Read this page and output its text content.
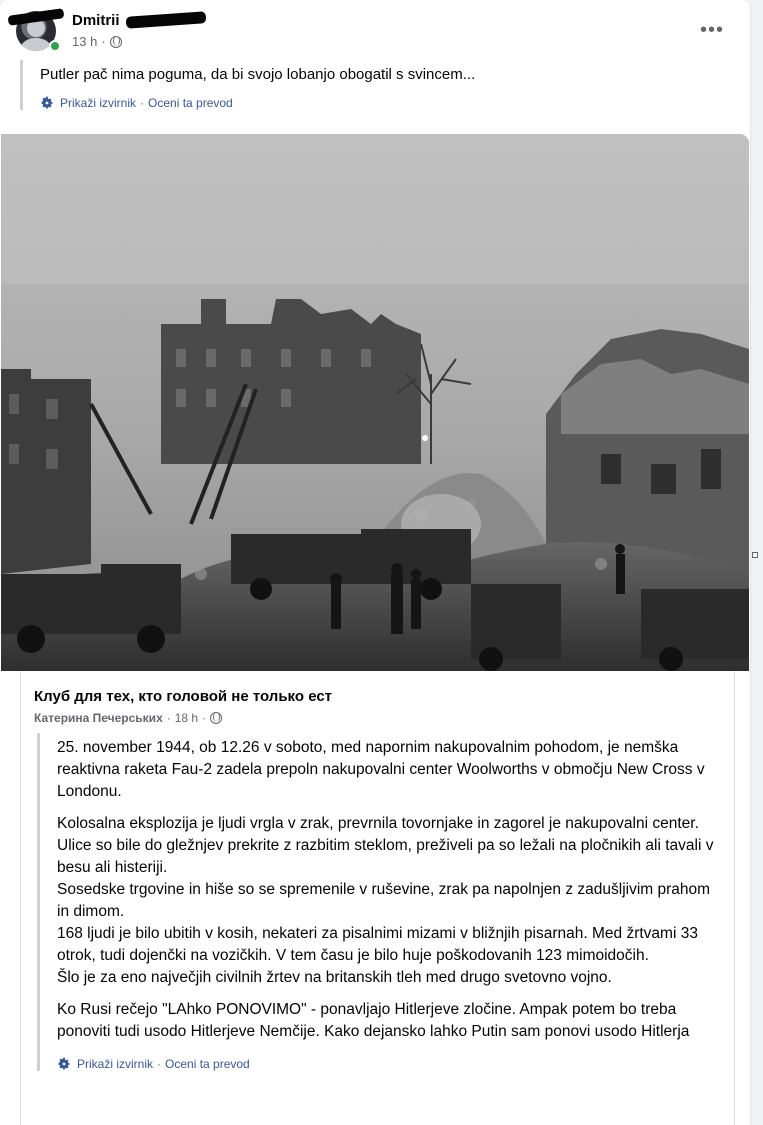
Dmitrii
13 h ·
•••
Putler pač nima poguma, da bi svojo lobanjo obogatil s svincem...
Prikaži izvirnik · Oceni ta prevod
Клуб для тех, кто головой не только ест
Катерина Печерських · 18 h ·
25. november 1944, ob 12.26 v soboto, med napornim nakupovalnim pohodom, je nemška reaktivna raketa Fau-2 zadela prepoln nakupovalni center Woolworths v območju New Cross v Londonu.
Kolosalna eksplozija je ljudi vrgla v zrak, prevrnila tovornjake in zagorel je nakupovalni center.
Ulice so bile do gležnjev prekrite z razbitim steklom, preživeli pa so ležali na pločnikih ali tavali v besu ali histeriji.
Sosedske trgovine in hiše so se spremenile v ruševine, zrak pa napolnjen z zadušljivim prahom in dimom.
168 ljudi je bilo ubitih v kosih, nekateri za pisalnimi mizami v bližnjih pisarnah. Med žrtvami 33 otrok, tudi dojenčki na vozičkih. V tem času je bilo huje poškodovanih 123 mimoidočih.
Šlo je za eno največjih civilnih žrtev na britanskih tleh med drugo svetovno vojno.
Ko Rusi rečejo "LAhko PONOVIMO" - ponavljajo Hitlerjeve zločine. Ampak potem bo treba ponoviti tudi usodo Hitlerjeve Nemčije. Kako dejansko lahko Putin sam ponovi usodo Hitlerja
Prikaži izvirnik · Oceni ta prevod
